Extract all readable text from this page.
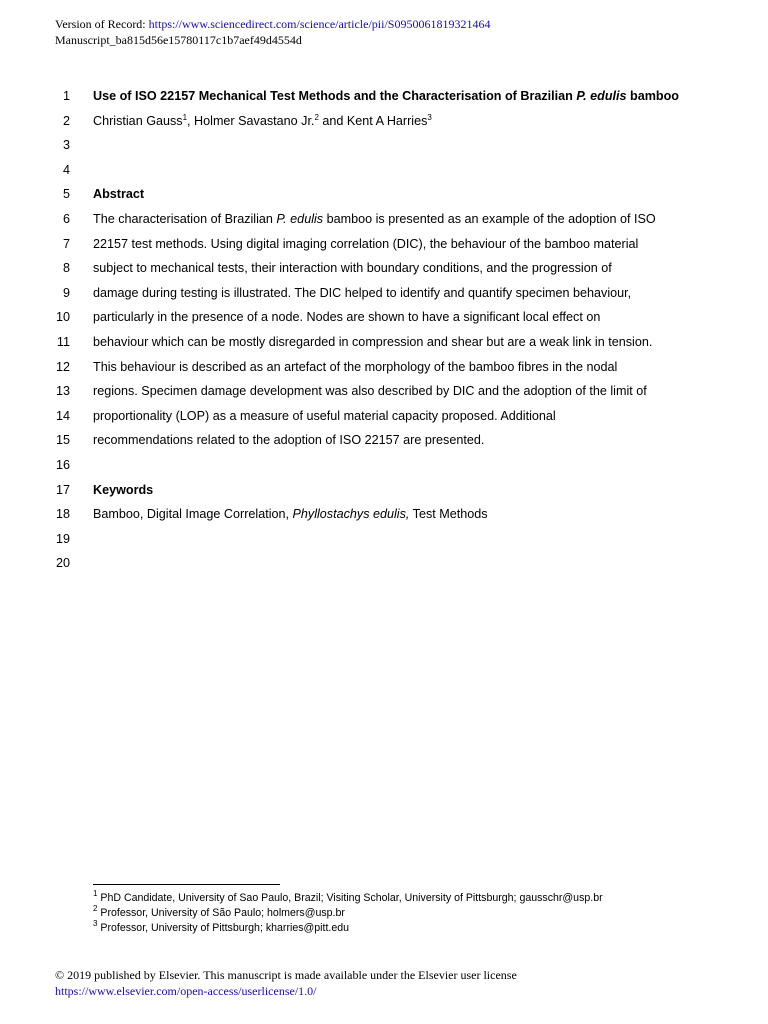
Version of Record: https://www.sciencedirect.com/science/article/pii/S0950061819321464
Manuscript_ba815d56e15780117c1b7aef49d4554d
1 Use of ISO 22157 Mechanical Test Methods and the Characterisation of Brazilian P. edulis bamboo
2 Christian Gauss$^1$, Holmer Savastano Jr.$^2$ and Kent A Harries$^3$
3
4
5 Abstract
6 The characterisation of Brazilian P. edulis bamboo is presented as an example of the adoption of ISO
7 22157 test methods. Using digital imaging correlation (DIC), the behaviour of the bamboo material
8 subject to mechanical tests, their interaction with boundary conditions, and the progression of
9 damage during testing is illustrated. The DIC helped to identify and quantify specimen behaviour,
10 particularly in the presence of a node. Nodes are shown to have a significant local effect on
11 behaviour which can be mostly disregarded in compression and shear but are a weak link in tension.
12 This behaviour is described as an artefact of the morphology of the bamboo fibres in the nodal
13 regions. Specimen damage development was also described by DIC and the adoption of the limit of
14 proportionality (LOP) as a measure of useful material capacity proposed. Additional
15 recommendations related to the adoption of ISO 22157 are presented.
16
17 Keywords
18 Bamboo, Digital Image Correlation, Phyllostachys edulis, Test Methods
19
20
$^1$ PhD Candidate, University of Sao Paulo, Brazil; Visiting Scholar, University of Pittsburgh; gausschr@usp.br
$^2$ Professor, University of São Paulo; holmers@usp.br
$^3$ Professor, University of Pittsburgh; kharries@pitt.edu
© 2019 published by Elsevier. This manuscript is made available under the Elsevier user license
https://www.elsevier.com/open-access/userlicense/1.0/
